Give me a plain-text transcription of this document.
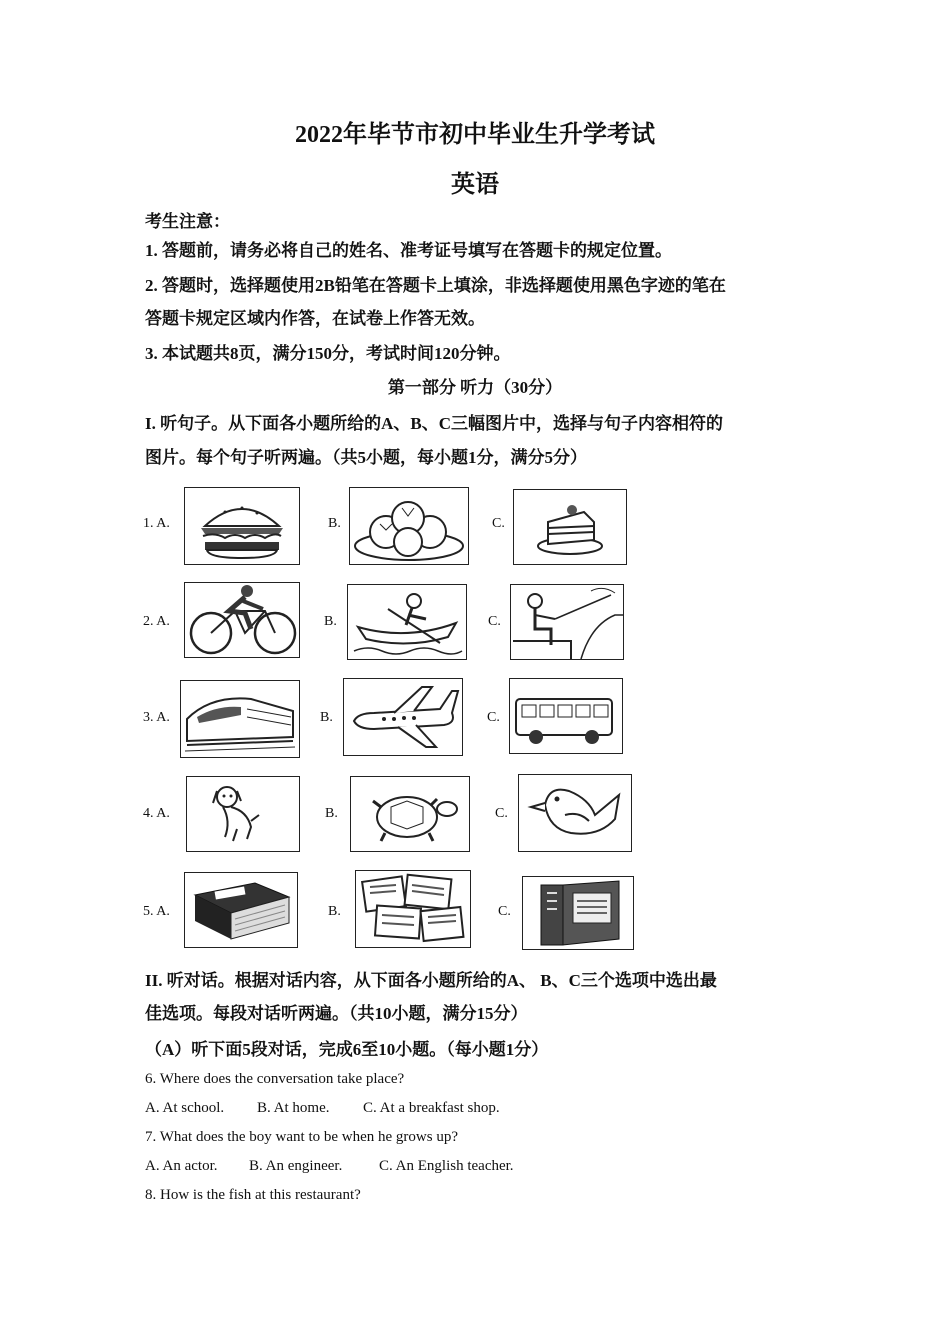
2022年毕节市初中毕业生升学考试
英语
考生注意：
1. 答题前，请务必将自己的姓名、准考证号填写在答题卡的规定位置。
2. 答题时，选择题使用2B铅笔在答题卡上填涂，非选择题使用黑色字迹的笔在
答题卡规定区域内作答，在试卷上作答无效。
3. 本试题共8页，满分150分，考试时间120分钟。
第一部分 听力（30分）
I. 听句子。从下面各小题所给的A、B、C三幅图片中，选择与句子内容相符的
图片。每个句子听两遍。（共5小题，每小题1分，满分5分）
1. A.	B.	C.
2. A.	B.	C.
3. A.	B.	C.
4. A.	B.	C.
5. A.	B.	C.
II. 听对话。根据对话内容，从下面各小题所给的A、 B、C三个选项中选出最
佳选项。每段对话听两遍。（共10小题，满分15分）
（A）听下面5段对话，完成6至10小题。（每小题1分）
6. Where does the conversation take place?
A. At school. B. At home. C. At a breakfast shop.
7. What does the boy want to be when he grows up?
A. An actor. B. An engineer. C. An English teacher.
8. How is the fish at this restaurant?
